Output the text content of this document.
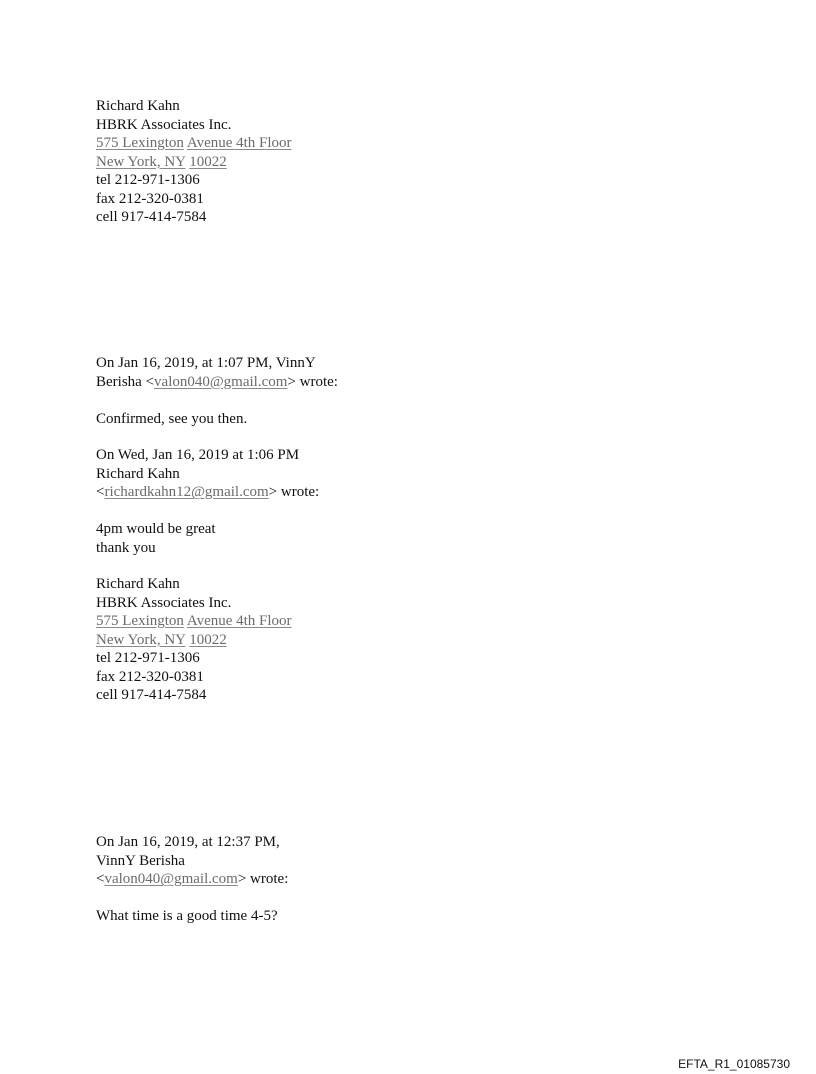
Richard Kahn
HBRK Associates Inc.
575 Lexington Avenue 4th Floor
New York, NY 10022
tel 212-971-1306
fax 212-320-0381
cell 917-414-7584
On Jan 16, 2019, at 1:07 PM, VinnY
Berisha <valon040@gmail.com> wrote:
Confirmed, see you then.
On Wed, Jan 16, 2019 at 1:06 PM
Richard Kahn
<richardkahn12@gmail.com> wrote:
4pm would be great
thank you
Richard Kahn
HBRK Associates Inc.
575 Lexington Avenue 4th Floor
New York, NY 10022
tel 212-971-1306
fax 212-320-0381
cell 917-414-7584
On Jan 16, 2019, at 12:37 PM,
VinnY Berisha
<valon040@gmail.com> wrote:
What time is a good time 4-5?
EFTA_R1_01085730
